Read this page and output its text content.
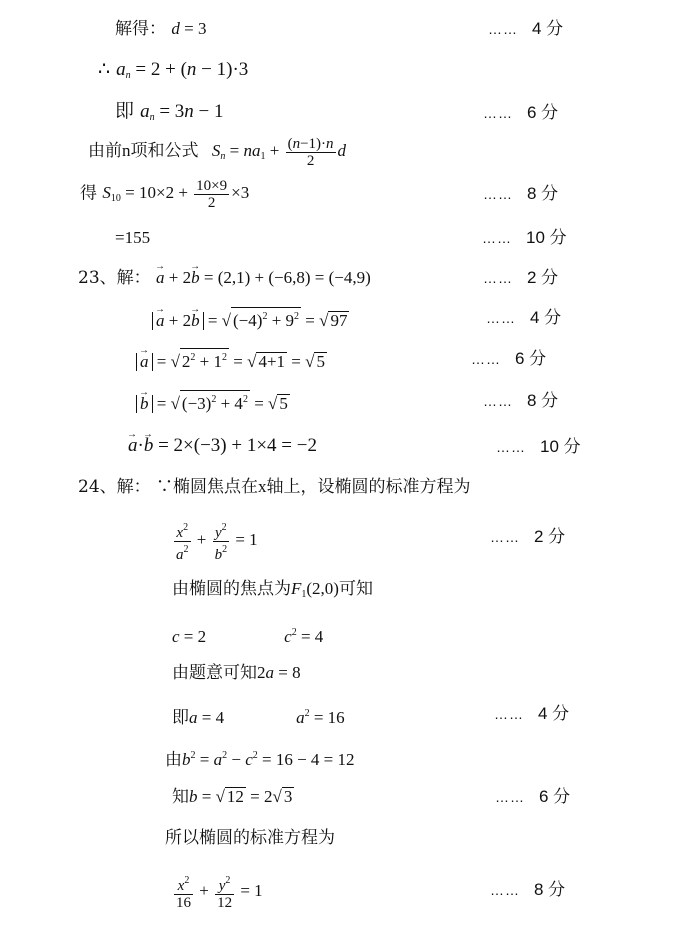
解得： d = 3	…… 4 分
∴ $a_n = 2 + (n - 1)\cdot 3$
即 $a_n = 3n - 1$	…… 6 分
由前n项和公式 $S_n = na_1 + \frac{(n-1)\cdot n}{2}$ d
得 $S_{10} = 10\times 2 + \frac{10\times 9}{2} \times 3$	…… 8 分
=155	…… 10 分
23、解： → a + 2→ b = (2,1) + (−6,8) = (−4,9)	…… 2 分
→ a + 2→ b = √ $(-4)^2 + 9^2$ = √ 97	…… 4 分
→ a = √ $2^2 + 1^2$ = √ 4+1 = √ 5	…… 6 分
→ b = √ $(-3)^2 + 4^2$ = √ 5	…… 8 分
→ a·→ b = 2×(−3) + 1×4 = −2	…… 10 分
24、解： ∵椭圆焦点在x轴上，设椭圆的标准方程为
$\frac{x^2}{a^2} + \frac{y^2}{b^2} = 1$	…… 2 分
由椭圆的焦点为$F_1(2,0)$可知
c = 2	$c^2 = 4$
由题意可知2a = 8
即a = 4	$a^2 = 16$	…… 4 分
由$b^2 = a^2 - c^2 = 16 - 4 = 12$
知b = √ 12 = 2√ 3	…… 6 分
所以椭圆的标准方程为
$\frac{x^2}{16} + \frac{y^2}{12} = 1$	…… 8 分
